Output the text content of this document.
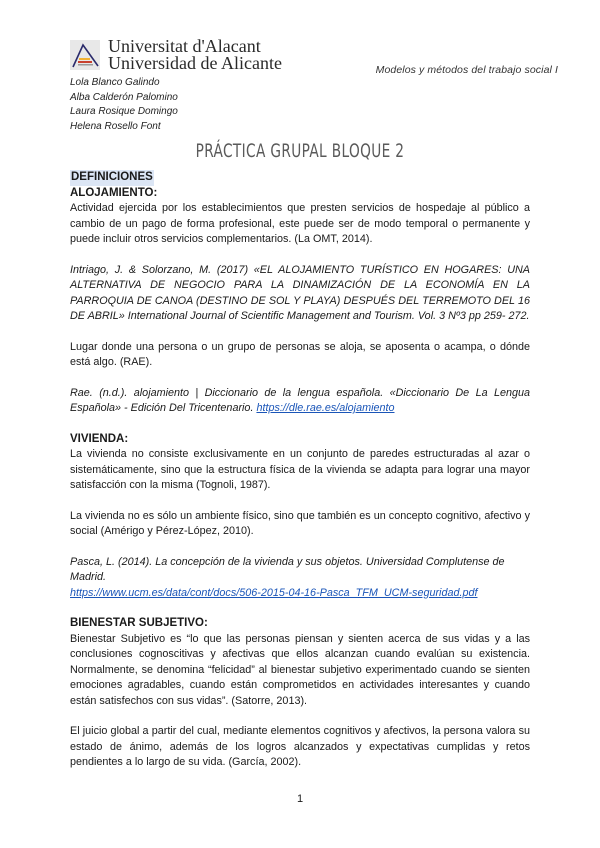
Universitat d'Alacant
Universidad de Alicante	Modelos y métodos del trabajo social I
Lola Blanco Galindo
Alba Calderón Palomino
Laura Rosique Domingo
Helena Rosello Font
PRÁCTICA GRUPAL BLOQUE 2
DEFINICIONES
ALOJAMIENTO:

Actividad ejercida por los establecimientos que presten servicios de hospedaje al público a cambio de un pago de forma profesional, este puede ser de modo temporal o permanente y puede incluir otros servicios complementarios. (La OMT, 2014).

Intriago, J. & Solorzano, M. (2017) «EL ALOJAMIENTO TURÍSTICO EN HOGARES: UNA ALTERNATIVA DE NEGOCIO PARA LA DINAMIZACIÓN DE LA ECONOMÍA EN LA PARROQUIA DE CANOA (DESTINO DE SOL Y PLAYA) DESPUÉS DEL TERREMOTO DEL 16 DE ABRIL» International Journal of Scientific Management and Tourism. Vol. 3 Nº3 pp 259- 272.

Lugar donde una persona o un grupo de personas se aloja, se aposenta o acampa, o dónde está algo. (RAE).

Rae. (n.d.). alojamiento | Diccionario de la lengua española. «Diccionario De La Lengua Española» - Edición Del Tricentenario. https://dle.rae.es/alojamiento

VIVIENDA:

La vivienda no consiste exclusivamente en un conjunto de paredes estructuradas al azar o sistemáticamente, sino que la estructura física de la vivienda se adapta para lograr una mayor satisfacción con la misma (Tognoli, 1987).

La vivienda no es sólo un ambiente físico, sino que también es un concepto cognitivo, afectivo y social (Amérigo y Pérez-López, 2010).

Pasca, L. (2014). La concepción de la vivienda y sus objetos. Universidad Complutense de Madrid.

https://www.ucm.es/data/cont/docs/506-2015-04-16-Pasca_TFM_UCM-seguridad.pdf

BIENESTAR SUBJETIVO:

Bienestar Subjetivo es “lo que las personas piensan y sienten acerca de sus vidas y a las conclusiones cognoscitivas y afectivas que ellos alcanzan cuando evalúan su existencia. Normalmente, se denomina “felicidad” al bienestar subjetivo experimentado cuando se sienten emociones agradables, cuando están comprometidos en actividades interesantes y cuando están satisfechos con sus vidas”. (Satorre, 2013).

El juicio global a partir del cual, mediante elementos cognitivos y afectivos, la persona valora su estado de ánimo, además de los logros alcanzados y expectativas cumplidas y retos pendientes a lo largo de su vida. (García, 2002).

1
